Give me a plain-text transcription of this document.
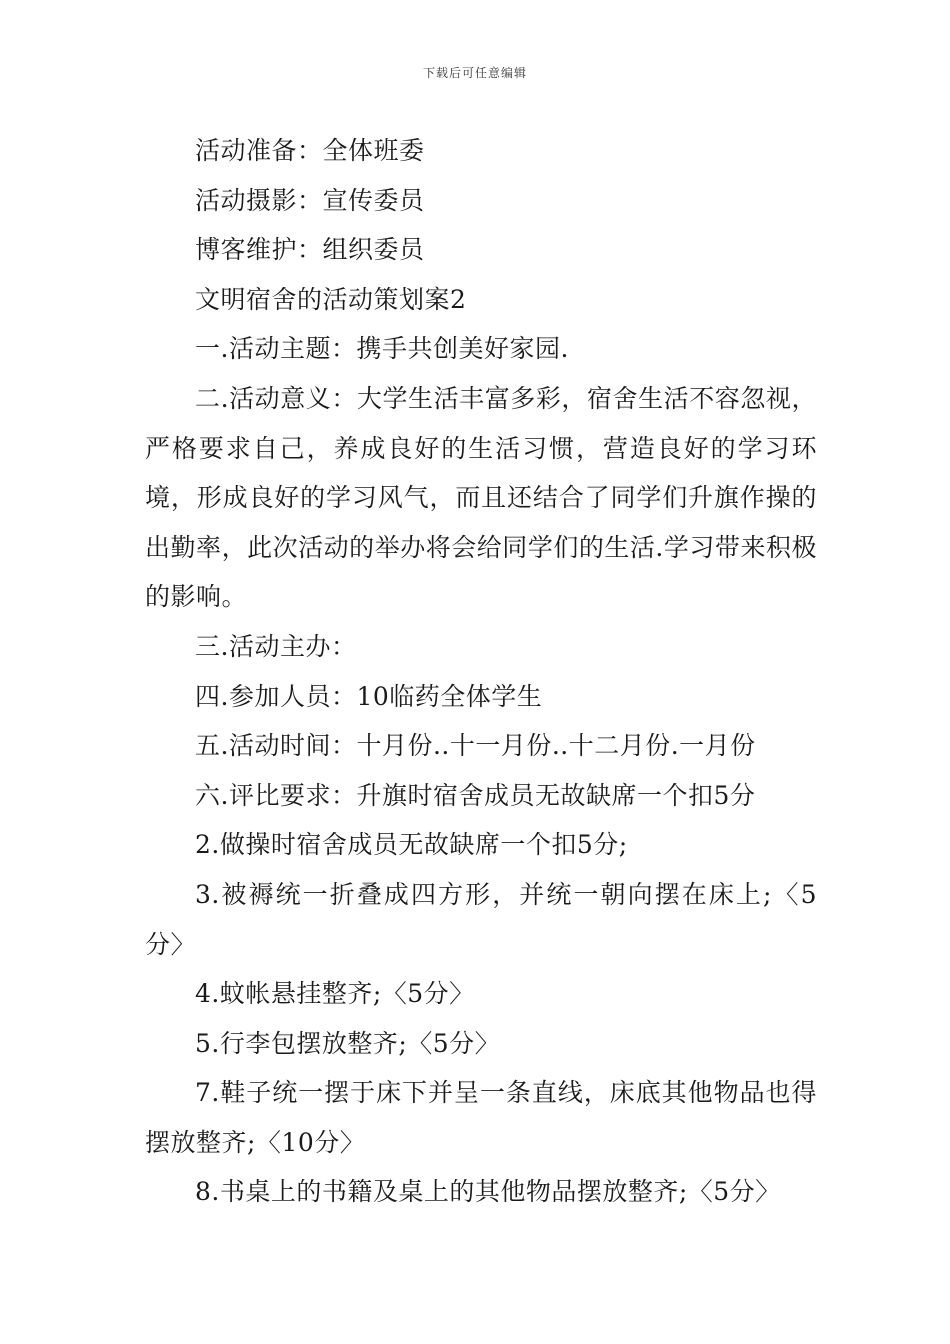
下载后可任意编辑

活动准备：全体班委

活动摄影：宣传委员

博客维护：组织委员

文明宿舍的活动策划案2

一.活动主题：携手共创美好家园.

二.活动意义：大学生活丰富多彩，宿舍生活不容忽视，严格要求自己，养成良好的生活习惯，营造良好的学习环境，形成良好的学习风气，而且还结合了同学们升旗作操的出勤率，此次活动的举办将会给同学们的生活.学习带来积极的影响。

三.活动主办：

四.参加人员：10临药全体学生

五.活动时间：十月份..十一月份..十二月份.一月份

六.评比要求：升旗时宿舍成员无故缺席一个扣5分

2.做操时宿舍成员无故缺席一个扣5分;

3.被褥统一折叠成四方形，并统一朝向摆在床上;〈5分〉

4.蚊帐悬挂整齐;〈5分〉

5.行李包摆放整齐;〈5分〉

7.鞋子统一摆于床下并呈一条直线，床底其他物品也得摆放整齐;〈10分〉

8.书桌上的书籍及桌上的其他物品摆放整齐;〈5分〉
